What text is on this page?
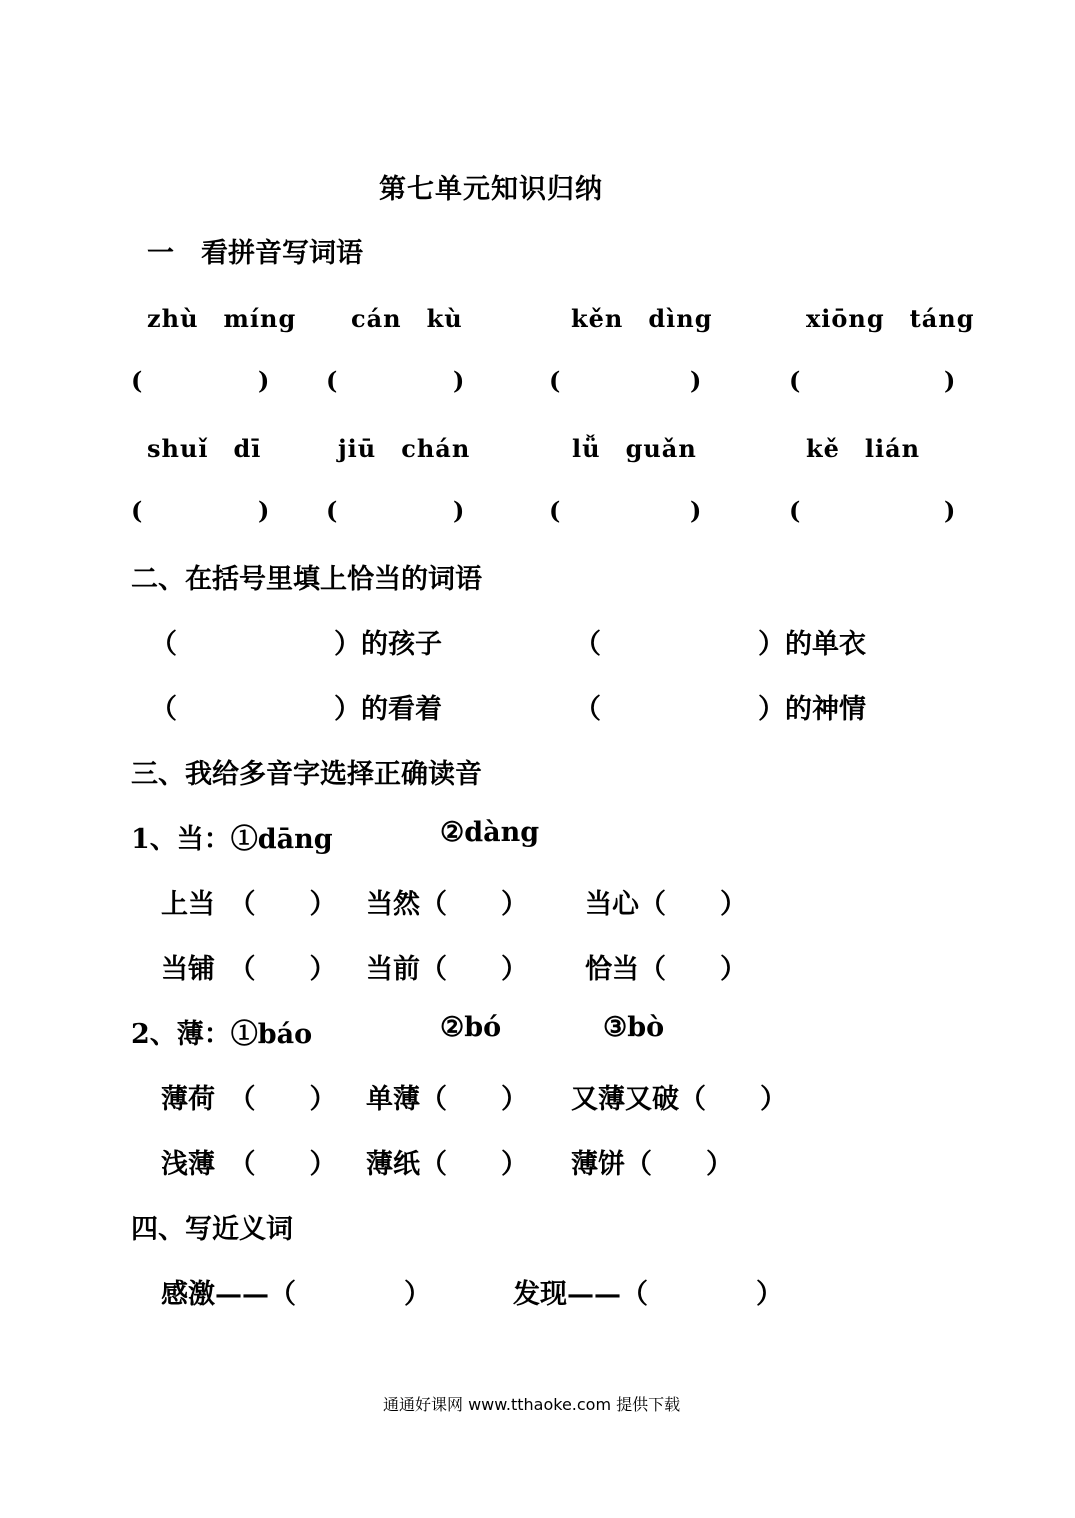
第七单元知识归纳
一　看拼音写词语
zhù　míng cán　kù	kěn　dìng	xiōng　táng
(	) (	)	(	)	(	)
shuǐ　dī	jiū　chán	lǚ　guǎn	kě　lián
(	) (	)	(	)	(	)
二、在括号里填上恰当的词语
（	）的孩子	（	）的单衣
（	）的看着	（	）的神情
三、我给多音字选择正确读音
1、当：①dāng	②dàng
上当　（　　） 当然（　　） 当心（　　）
当铺　（　　） 当前（　　） 恰当（　　）
2、薄：①báo	②bó	③bò
薄荷　（　　） 单薄（　　） 又薄又破（　　）
浅薄　（　　） 薄纸（　　） 薄饼（　　）
四、写近义词
感激——（　　　　）	发现——（　　　　）
通通好课网 www.tthaoke.com 提供下载
